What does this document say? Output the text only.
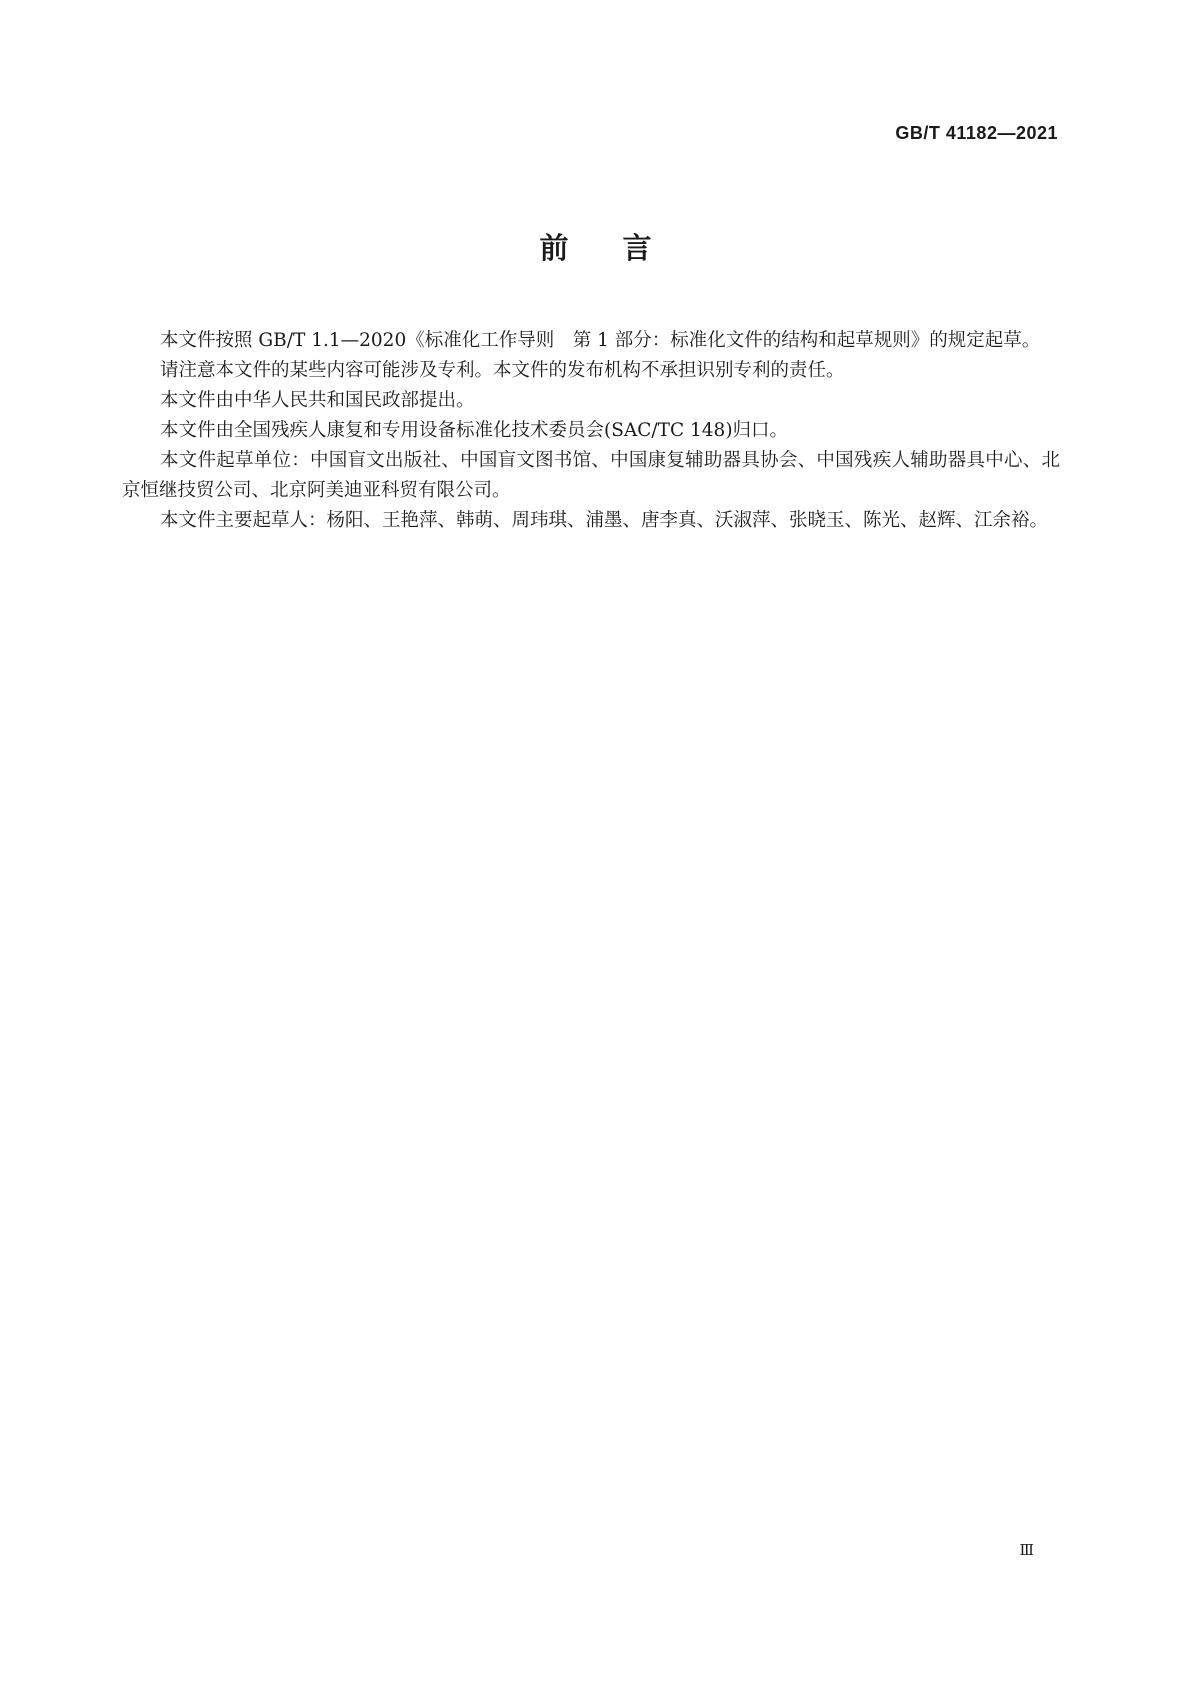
GB/T 41182—2021
前言

本文件按照 GB/T 1.1—2020《标准化工作导则　第 1 部分：标准化文件的结构和起草规则》的规定起草。

请注意本文件的某些内容可能涉及专利。本文件的发布机构不承担识别专利的责任。

本文件由中华人民共和国民政部提出。

本文件由全国残疾人康复和专用设备标准化技术委员会(SAC/TC 148)归口。

本文件起草单位：中国盲文出版社、中国盲文图书馆、中国康复辅助器具协会、中国残疾人辅助器具中心、北京恒继技贸公司、北京阿美迪亚科贸有限公司。

本文件主要起草人：杨阳、王艳萍、韩萌、周玮琪、浦墨、唐李真、沃淑萍、张晓玉、陈光、赵辉、江余裕。

Ⅲ
